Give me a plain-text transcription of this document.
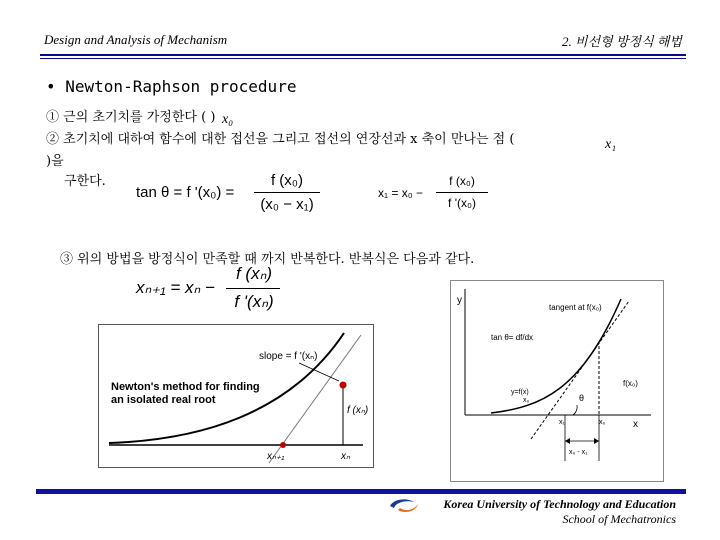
Design and Analysis of Mechanism	2. 비선형 방정식 해법
• Newton-Raphson procedure
① 근의 초기치를 가정한다 ( ) x₀
② 초기치에 대하여 함수에 대한 접선을 그리고 접선의 연장선과 x 축이 만나는 점 (	x₁
)을
구한다.
tan θ = f '(x₀) =
f (x₀)
(x₀ − x₁)
x₁ = x₀ −
f (x₀)
f '(x₀)
③ 위의 방법을 방정식이 만족할 때 까지 반복한다. 반복식은 다음과 같다.
xₙ₊₁ = xₙ −
f (xₙ)
f '(xₙ)
slope = f '(xₙ)
Newton's method for finding
an isolated real root
f (xₙ)
xₙ₊₁	xₙ
y
x
tangent at f(x₀)
tan θ= df/dx
y=f(x)
x₀	θ
f(x₀)
x₁	x₀
x₀ - x₁
Korea University of Technology and Education
School of Mechatronics
